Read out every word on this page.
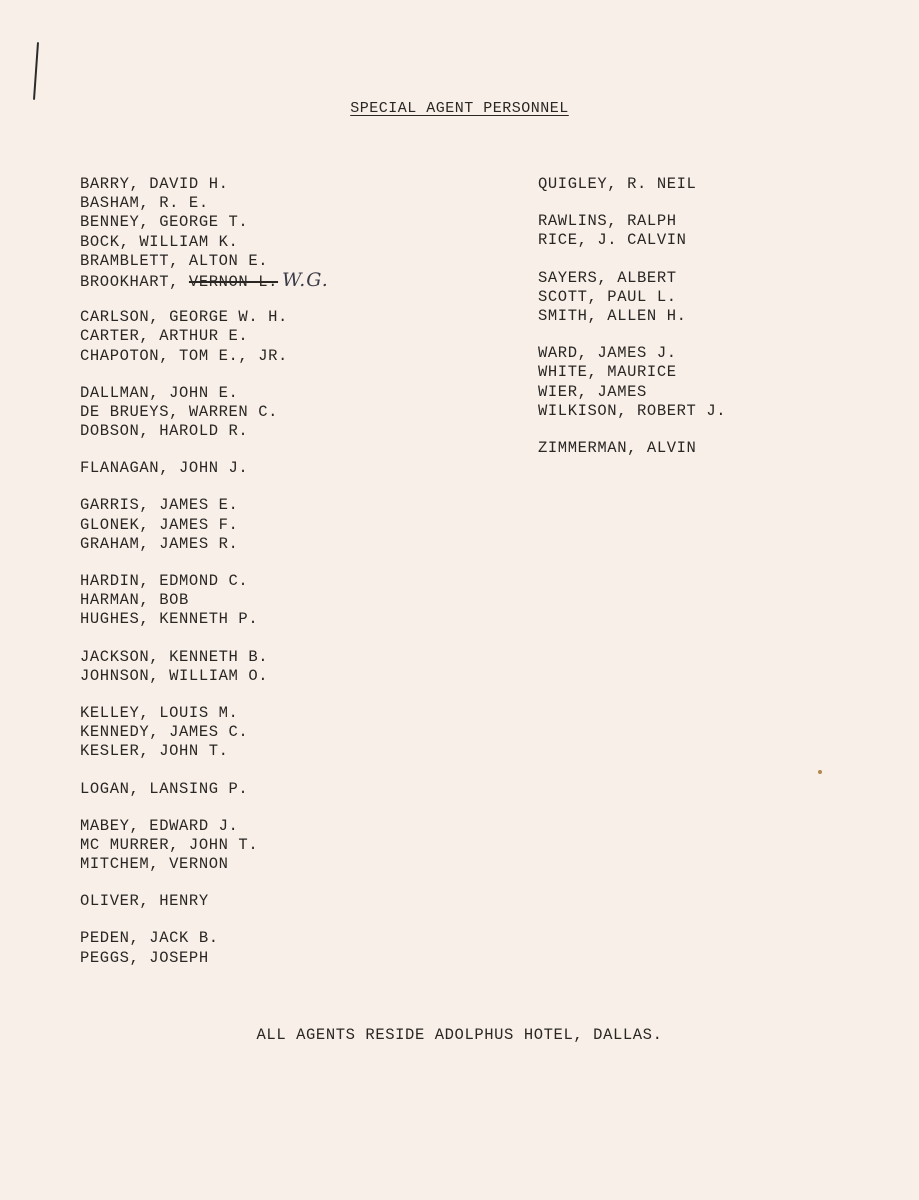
SPECIAL AGENT PERSONNEL
BARRY, DAVID H.
BASHAM, R. E.
BENNEY, GEORGE T.
BOCK, WILLIAM K.
BRAMBLETT, ALTON E.
BROOKHART, VERNON L. W.G.
CARLSON, GEORGE W. H.
CARTER, ARTHUR E.
CHAPOTON, TOM E., JR.
DALLMAN, JOHN E.
DE BRUEYS, WARREN C.
DOBSON, HAROLD R.
FLANAGAN, JOHN J.
GARRIS, JAMES E.
GLONEK, JAMES F.
GRAHAM, JAMES R.
HARDIN, EDMOND C.
HARMAN, BOB
HUGHES, KENNETH P.
JACKSON, KENNETH B.
JOHNSON, WILLIAM O.
KELLEY, LOUIS M.
KENNEDY, JAMES C.
KESLER, JOHN T.
LOGAN, LANSING P.
MABEY, EDWARD J.
MC MURRER, JOHN T.
MITCHEM, VERNON
OLIVER, HENRY
PEDEN, JACK B.
PEGGS, JOSEPH
QUIGLEY, R. NEIL
RAWLINS, RALPH
RICE, J. CALVIN
SAYERS, ALBERT
SCOTT, PAUL L.
SMITH, ALLEN H.
WARD, JAMES J.
WHITE, MAURICE
WIER, JAMES
WILKISON, ROBERT J.
ZIMMERMAN, ALVIN
ALL AGENTS RESIDE ADOLPHUS HOTEL, DALLAS.
